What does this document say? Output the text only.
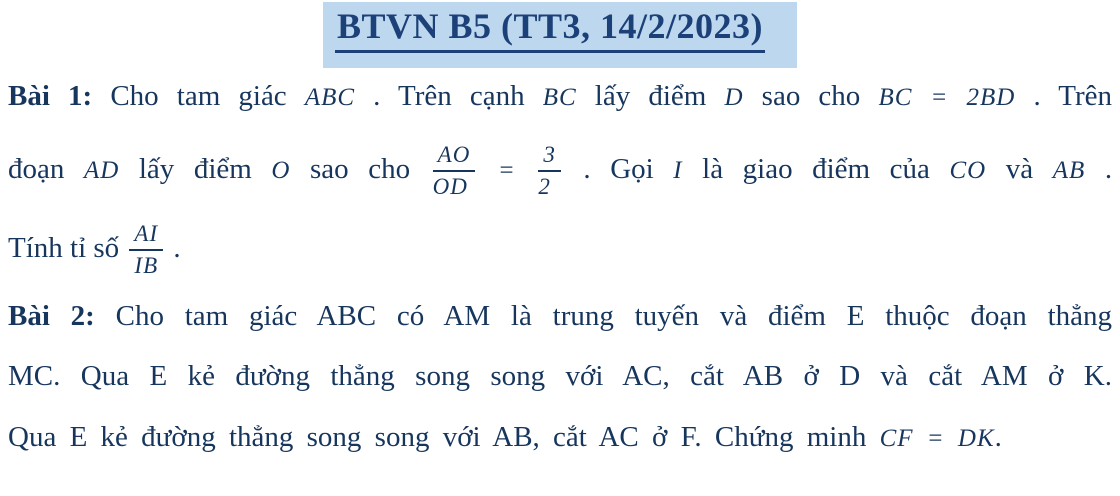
BTVN B5 (TT3, 14/2/2023)
Bài 1: Cho tam giác ABC . Trên cạnh BC lấy điểm D sao cho BC = 2BD . Trên
đoạn AD lấy điểm O sao cho $\frac{AO}{OD} = \frac{3}{2}$ . Gọi I là giao điểm của CO và AB .
Tính tỉ số $\frac{AI}{IB}$ .
Bài 2: Cho tam giác ABC có AM là trung tuyến và điểm E thuộc đoạn thẳng
MC. Qua E kẻ đường thẳng song song với AC, cắt AB ở D và cắt AM ở K.
Qua E kẻ đường thẳng song song với AB, cắt AC ở F. Chứng minh CF = DK.
